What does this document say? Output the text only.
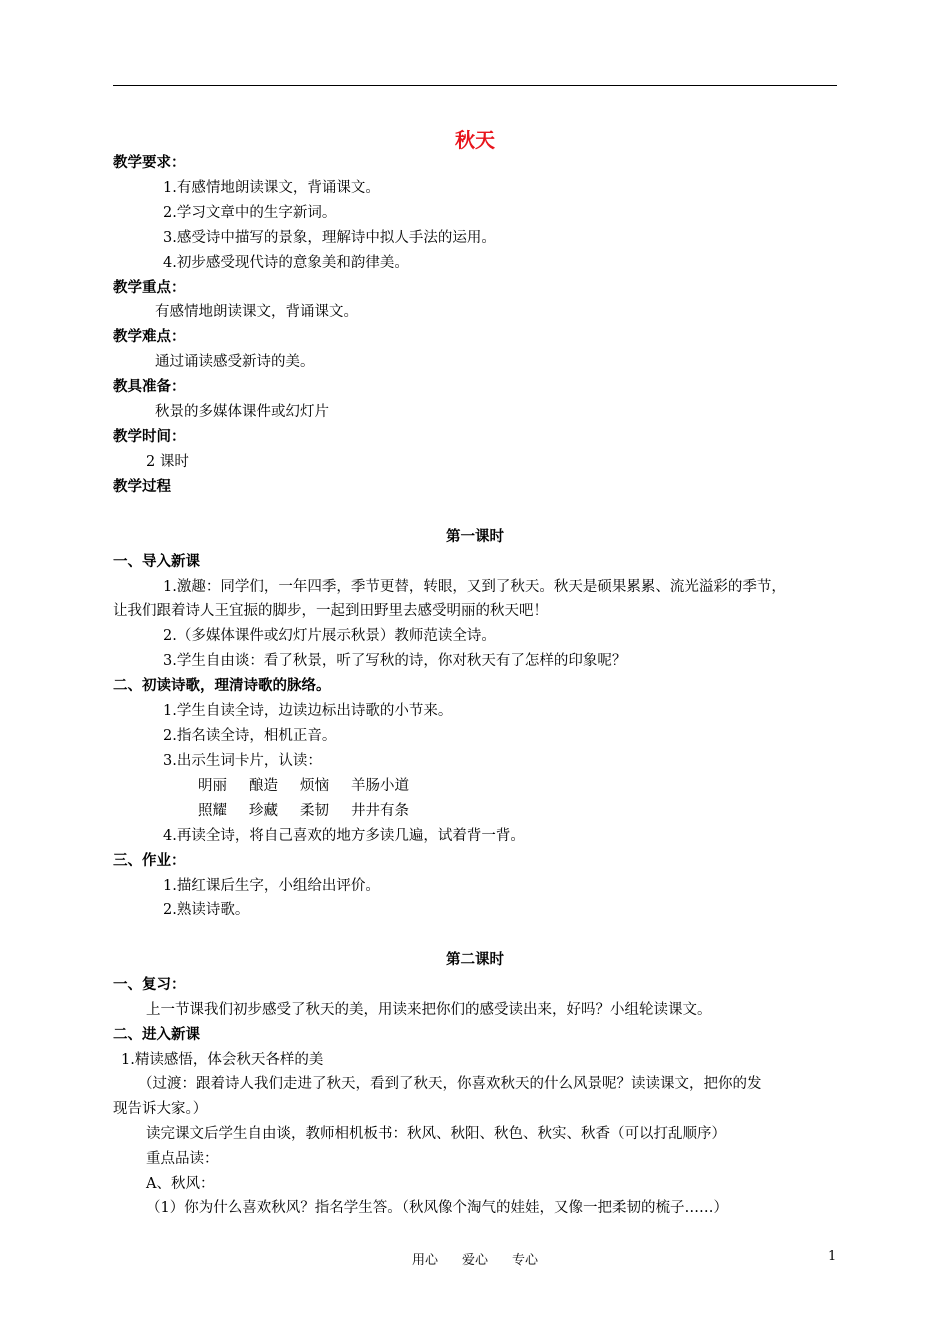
秋天
教学要求：
1.有感情地朗读课文，背诵课文。
2.学习文章中的生字新词。
3.感受诗中描写的景象，理解诗中拟人手法的运用。
4.初步感受现代诗的意象美和韵律美。
教学重点：
有感情地朗读课文，背诵课文。
教学难点：
通过诵读感受新诗的美。
教具准备：
秋景的多媒体课件或幻灯片
教学时间：
2 课时
教学过程
第一课时
一、导入新课
1.激趣：同学们，一年四季，季节更替，转眼，又到了秋天。秋天是硕果累累、流光溢彩的季节，
让我们跟着诗人王宜振的脚步，一起到田野里去感受明丽的秋天吧！
2.（多媒体课件或幻灯片展示秋景）教师范读全诗。
3.学生自由谈：看了秋景，听了写秋的诗，你对秋天有了怎样的印象呢？
二、初读诗歌，理清诗歌的脉络。
1.学生自读全诗，边读边标出诗歌的小节来。
2.指名读全诗，相机正音。
3.出示生词卡片，认读：
明丽 酿造 烦恼 羊肠小道
照耀 珍藏 柔韧 井井有条
4.再读全诗，将自己喜欢的地方多读几遍，试着背一背。
三、作业：
1.描红课后生字，小组给出评价。
2.熟读诗歌。
第二课时
一、复习：
上一节课我们初步感受了秋天的美，用读来把你们的感受读出来，好吗？小组轮读课文。
二、进入新课
1.精读感悟，体会秋天各样的美
（过渡：跟着诗人我们走进了秋天，看到了秋天，你喜欢秋天的什么风景呢？读读课文，把你的发
现告诉大家。）
读完课文后学生自由谈，教师相机板书：秋风、秋阳、秋色、秋实、秋香（可以打乱顺序）
重点品读：
A、秋风：
（1）你为什么喜欢秋风？指名学生答。（秋风像个淘气的娃娃，又像一把柔韧的梳子……）
用心 爱心 专心	1
